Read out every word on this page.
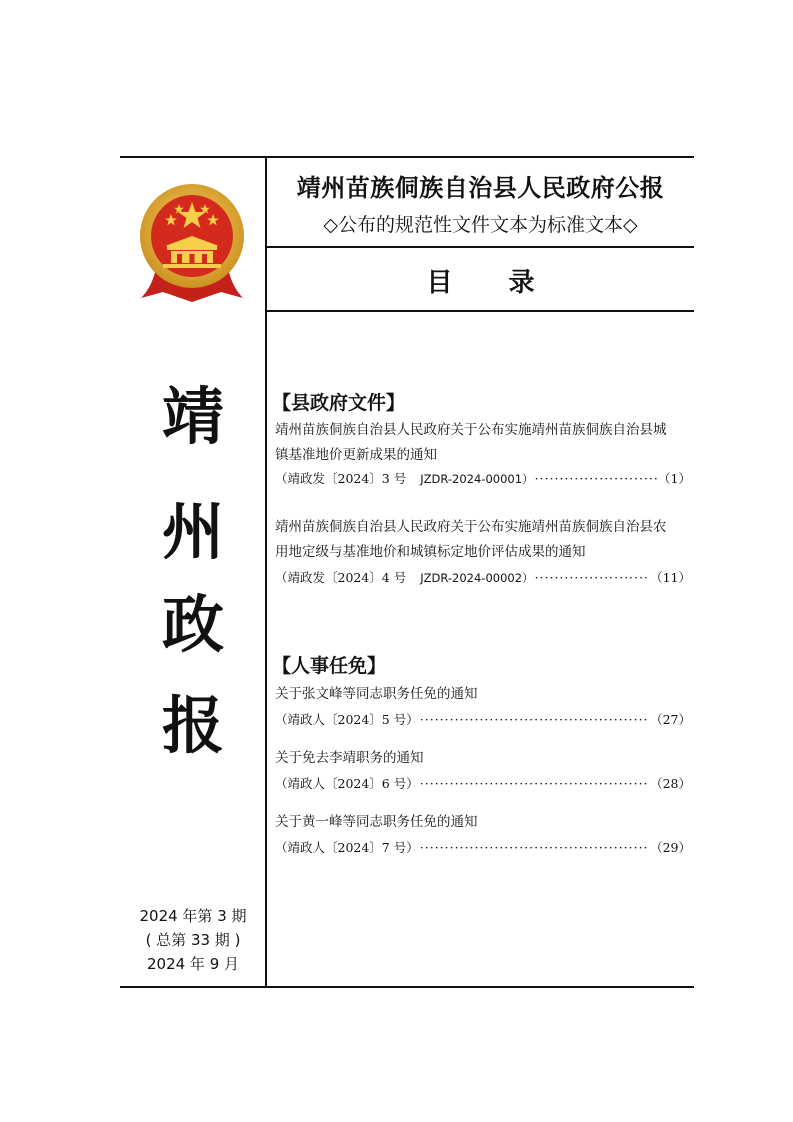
靖
州
政
报
2024 年第 3 期
( 总第 33 期 )
2024 年 9 月
靖州苗族侗族自治县人民政府公报
◇公布的规范性文件文本为标准文本◇
目 录
【县政府文件】
靖州苗族侗族自治县人民政府关于公布实施靖州苗族侗族自治县城
镇基准地价更新成果的通知
（靖政发〔2024〕3 号 JZDR-2024-00001） ·····	（1）
靖州苗族侗族自治县人民政府关于公布实施靖州苗族侗族自治县农
用地定级与基准地价和城镇标定地价评估成果的通知
（靖政发〔2024〕4 号 JZDR-2024-00002） ·····	（11）
【人事任免】
关于张文峰等同志职务任免的通知
（靖政人〔2024〕5 号） ·····	（27）
关于免去李靖职务的通知
（靖政人〔2024〕6 号） ·····	（28）
关于黄一峰等同志职务任免的通知
（靖政人〔2024〕7 号） ·····	（29）
